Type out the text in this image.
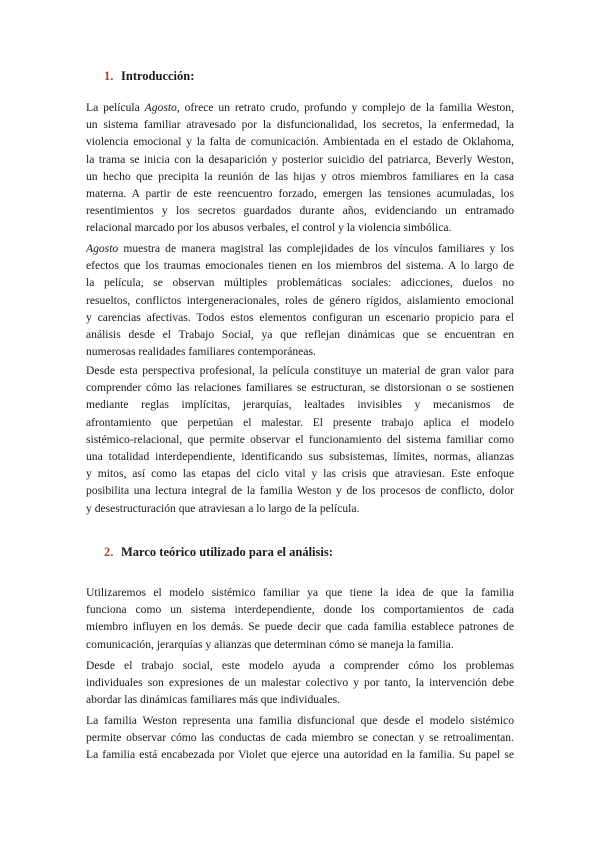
1. Introducción:
La película Agosto, ofrece un retrato crudo, profundo y complejo de la familia Weston,
un sistema familiar atravesado por la disfuncionalidad, los secretos, la enfermedad, la
violencia emocional y la falta de comunicación. Ambientada en el estado de Oklahoma,
la trama se inicia con la desaparición y posterior suicidio del patriarca, Beverly Weston,
un hecho que precipita la reunión de las hijas y otros miembros familiares en la casa
materna. A partir de este reencuentro forzado, emergen las tensiones acumuladas, los
resentimientos y los secretos guardados durante años, evidenciando un entramado
relacional marcado por los abusos verbales, el control y la violencia simbólica.
Agosto muestra de manera magistral las complejidades de los vínculos familiares y los
efectos que los traumas emocionales tienen en los miembros del sistema. A lo largo de
la película, se observan múltiples problemáticas sociales: adicciones, duelos no
resueltos, conflictos intergeneracionales, roles de género rígidos, aislamiento emocional
y carencias afectivas. Todos estos elementos configuran un escenario propicio para el
análisis desde el Trabajo Social, ya que reflejan dinámicas que se encuentran en
numerosas realidades familiares contemporáneas.
Desde esta perspectiva profesional, la película constituye un material de gran valor para
comprender cómo las relaciones familiares se estructuran, se distorsionan o se sostienen
mediante reglas implícitas, jerarquías, lealtades invisibles y mecanismos de
afrontamiento que perpetúan el malestar. El presente trabajo aplica el modelo
sistémico-relacional, que permite observar el funcionamiento del sistema familiar como
una totalidad interdependiente, identificando sus subsistemas, límites, normas, alianzas
y mitos, así como las etapas del ciclo vital y las crisis que atraviesan. Este enfoque
posibilita una lectura integral de la familia Weston y de los procesos de conflicto, dolor
y desestructuración que atraviesan a lo largo de la película.
2. Marco teórico utilizado para el análisis:
Utilizaremos el modelo sistémico familiar ya que tiene la idea de que la familia
funciona como un sistema interdependiente, donde los comportamientos de cada
miembro influyen en los demás. Se puede decir que cada familia establece patrones de
comunicación, jerarquías y alianzas que determinan cómo se maneja la familia.
Desde el trabajo social, este modelo ayuda a comprender cómo los problemas
individuales son expresiones de un malestar colectivo y por tanto, la intervención debe
abordar las dinámicas familiares más que individuales.
La familia Weston representa una familia disfuncional que desde el modelo sistémico
permite observar cómo las conductas de cada miembro se conectan y se retroalimentan.
La familia está encabezada por Violet que ejerce una autoridad en la familia. Su papel se
